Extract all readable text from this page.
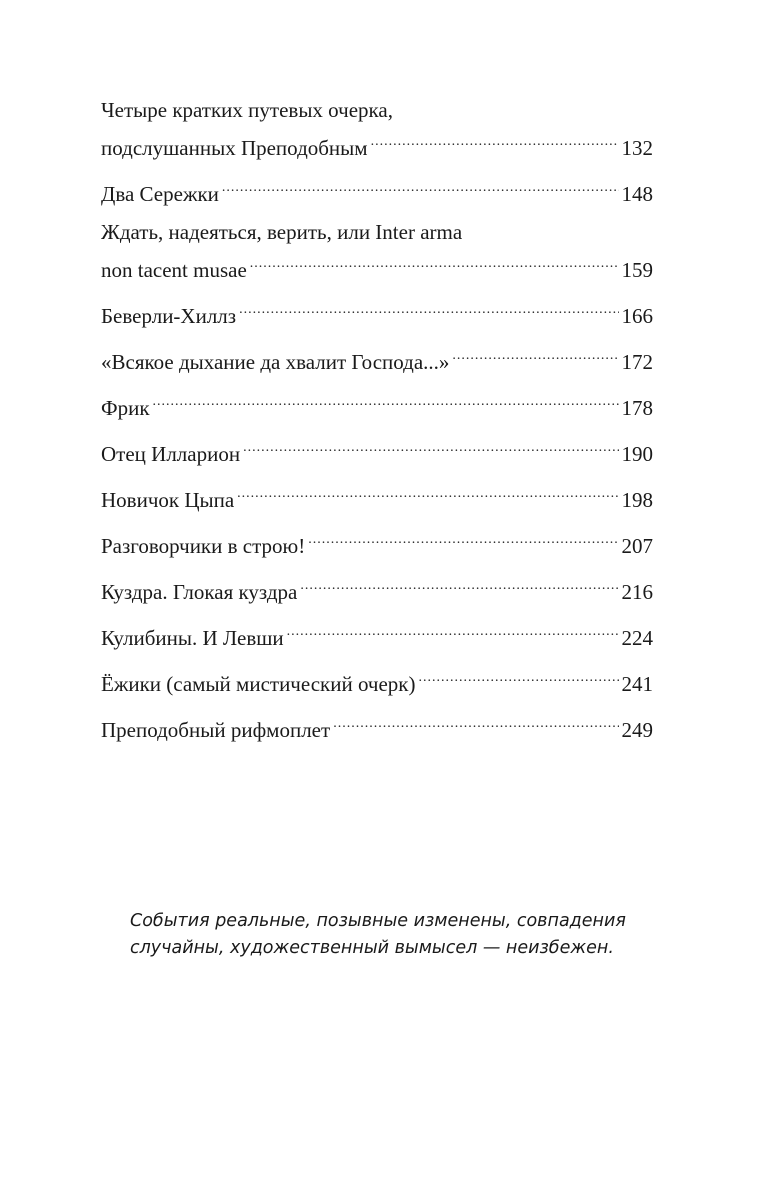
Четыре кратких путевых очерка,
подслушанных Преподобным .....	132
Два Сережки .....	148
Ждать, надеяться, верить, или Inter arma
non tacent musae .....	159
Беверли-Хиллз .....	166
«Всякое дыхание да хвалит Господа...» .....	172
Фрик .....	178
Отец Илларион .....	190
Новичок Цыпа .....	198
Разговорчики в строю! .....	207
Куздра. Глокая куздра .....	216
Кулибины. И Левши .....	224
Ёжики (самый мистический очерк) .....	241
Преподобный рифмоплет .....	249
События реальные, позывные изменены, совпадения
случайны, художественный вымысел — неизбежен.
